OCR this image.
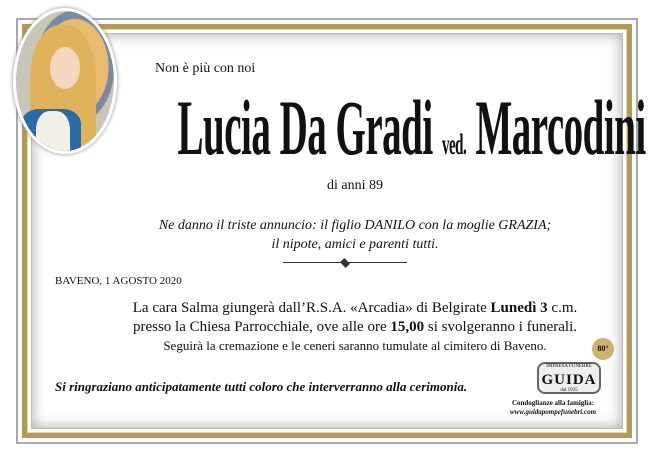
Non è più con noi
Lucia Da Gradi ved. Marcodini
di anni 89
Ne danno il triste annuncio: il figlio DANILO con la moglie GRAZIA;
il nipote, amici e parenti tutti.
BAVENO, 1 AGOSTO 2020
La cara Salma giungerà dall’R.S.A. «Arcadia» di Belgirate Lunedì 3 c.m.
presso la Chiesa Parrocchiale, ove alle ore 15,00 si svolgeranno i funerali.
Seguirà la cremazione e le ceneri saranno tumulate al cimitero di Baveno.
Si ringraziano anticipatamente tutti coloro che interverranno alla cerimonia.
IMPRESA FUNEBRE
GUIDA
dal 1935
80°
Condoglianze alla famiglia:
www.guidapompefunebri.com
